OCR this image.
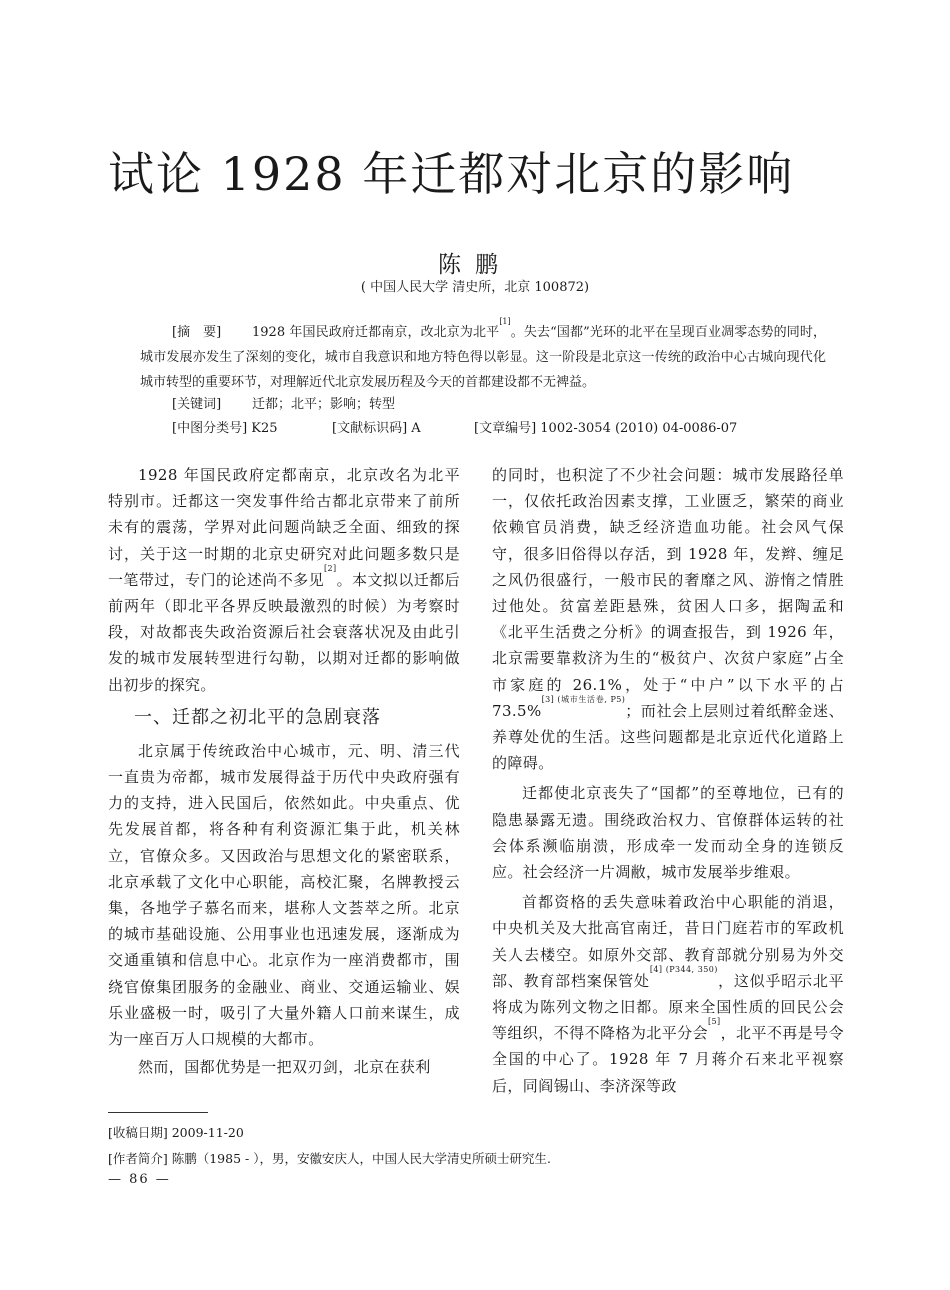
试论 1928 年迁都对北京的影响
陈鹏
( 中国人民大学 清史所，北京 100872)
[摘　要] 1928 年国民政府迁都南京，改北京为北平[1]。失去“国都”光环的北平在呈现百业凋零态势的同时，城市发展亦发生了深刻的变化，城市自我意识和地方特色得以彰显。这一阶段是北京这一传统的政治中心古城向现代化城市转型的重要环节，对理解近代北京发展历程及今天的首都建设都不无裨益。
[关键词] 迁都；北平；影响；转型
[中图分类号] K25	[文献标识码] A	[文章编号] 1002-3054 (2010) 04-0086-07

1928 年国民政府定都南京，北京改名为北平特别市。迁都这一突发事件给古都北京带来了前所未有的震荡，学界对此问题尚缺乏全面、细致的探讨，关于这一时期的北京史研究对此问题多数只是一笔带过，专门的论述尚不多见[2]。本文拟以迁都后前两年（即北平各界反映最激烈的时候）为考察时段，对故都丧失政治资源后社会衰落状况及由此引发的城市发展转型进行勾勒，以期对迁都的影响做出初步的探究。

一、迁都之初北平的急剧衰落

北京属于传统政治中心城市，元、明、清三代一直贵为帝都，城市发展得益于历代中央政府强有力的支持，进入民国后，依然如此。中央重点、优先发展首都，将各种有利资源汇集于此，机关林立，官僚众多。又因政治与思想文化的紧密联系，北京承载了文化中心职能，高校汇聚，名牌教授云集，各地学子慕名而来，堪称人文荟萃之所。北京的城市基础设施、公用事业也迅速发展，逐渐成为交通重镇和信息中心。北京作为一座消费都市，围绕官僚集团服务的金融业、商业、交通运输业、娱乐业盛极一时，吸引了大量外籍人口前来谋生，成为一座百万人口规模的大都市。

然而，国都优势是一把双刃剑，北京在获利

的同时，也积淀了不少社会问题：城市发展路径单一，仅依托政治因素支撑，工业匮乏，繁荣的商业依赖官员消费，缺乏经济造血功能。社会风气保守，很多旧俗得以存活，到 1928 年，发辫、缠足之风仍很盛行，一般市民的奢靡之风、游惰之情胜过他处。贫富差距悬殊，贫困人口多，据陶孟和《北平生活费之分析》的调查报告，到 1926 年，北京需要靠救济为生的“极贫户、次贫户家庭”占全市家庭的 26.1%，处于“中户”以下水平的占 73.5%$^{[3] (城市生活卷, P5)}$；而社会上层则过着纸醉金迷、养尊处优的生活。这些问题都是北京近代化道路上的障碍。

迁都使北京丧失了“国都”的至尊地位，已有的隐患暴露无遗。围绕政治权力、官僚群体运转的社会体系濒临崩溃，形成牵一发而动全身的连锁反应。社会经济一片凋敝，城市发展举步维艰。

首都资格的丢失意味着政治中心职能的消退，中央机关及大批高官南迁，昔日门庭若市的军政机关人去楼空。如原外交部、教育部就分别易为外交部、教育部档案保管处$^{[4] (P344, 350)}$，这似乎昭示北平将成为陈列文物之旧都。原来全国性质的回民公会等组织，不得不降格为北平分会[5]，北平不再是号令全国的中心了。1928 年 7 月蒋介石来北平视察后，同阎锡山、李济深等政

[收稿日期] 2009-11-20
[作者简介] 陈鹏（1985 - ），男，安徽安庆人，中国人民大学清史所硕士研究生.
— 86 —
